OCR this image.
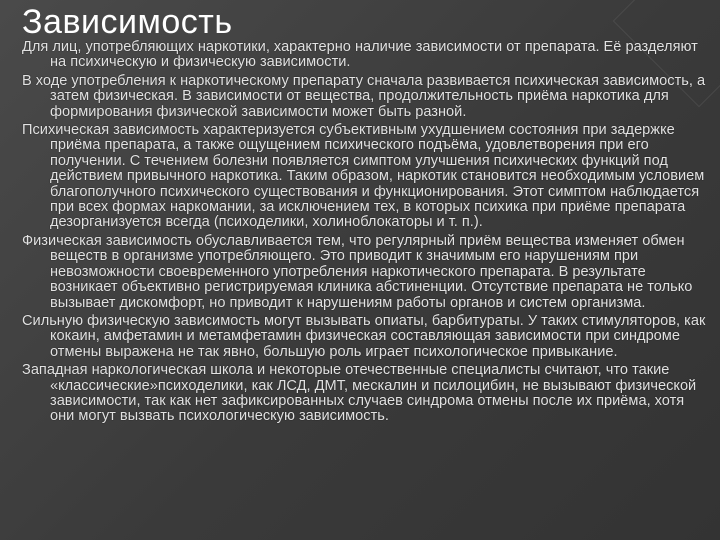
Зависимость

Для лиц, употребляющих наркотики, характерно наличие зависимости от препарата. Её разделяют на психическую и физическую зависимости.

В ходе употребления к наркотическому препарату сначала развивается психическая зависимость, а затем физическая. В зависимости от вещества, продолжительность приёма наркотика для формирования физической зависимости может быть разной.

Психическая зависимость характеризуется субъективным ухудшением состояния при задержке приёма препарата, а также ощущением психического подъёма, удовлетворения при его получении. С течением болезни появляется симптом улучшения психических функций под действием привычного наркотика. Таким образом, наркотик становится необходимым условием благополучного психического существования и функционирования. Этот симптом наблюдается при всех формах наркомании, за исключением тех, в которых психика при приёме препарата дезорганизуется всегда (психоделики, холиноблокаторы и т. п.).

Физическая зависимость обуславливается тем, что регулярный приём вещества изменяет обмен веществ в организме употребляющего. Это приводит к значимым его нарушениям при невозможности своевременного употребления наркотического препарата. В результате возникает объективно регистрируемая клиника абстиненции. Отсутствие препарата не только вызывает дискомфорт, но приводит к нарушениям работы органов и систем организма.

Сильную физическую зависимость могут вызывать опиаты, барбитураты. У таких стимуляторов, как кокаин, амфетамин и метамфетамин физическая составляющая зависимости при синдроме отмены выражена не так явно, большую роль играет психологическое привыкание.

Западная наркологическая школа и некоторые отечественные специалисты считают, что такие «классические»психоделики, как ЛСД, ДМТ, мескалин и псилоцибин, не вызывают физической зависимости, так как нет зафиксированных случаев синдрома отмены после их приёма, хотя они могут вызвать психологическую зависимость.
